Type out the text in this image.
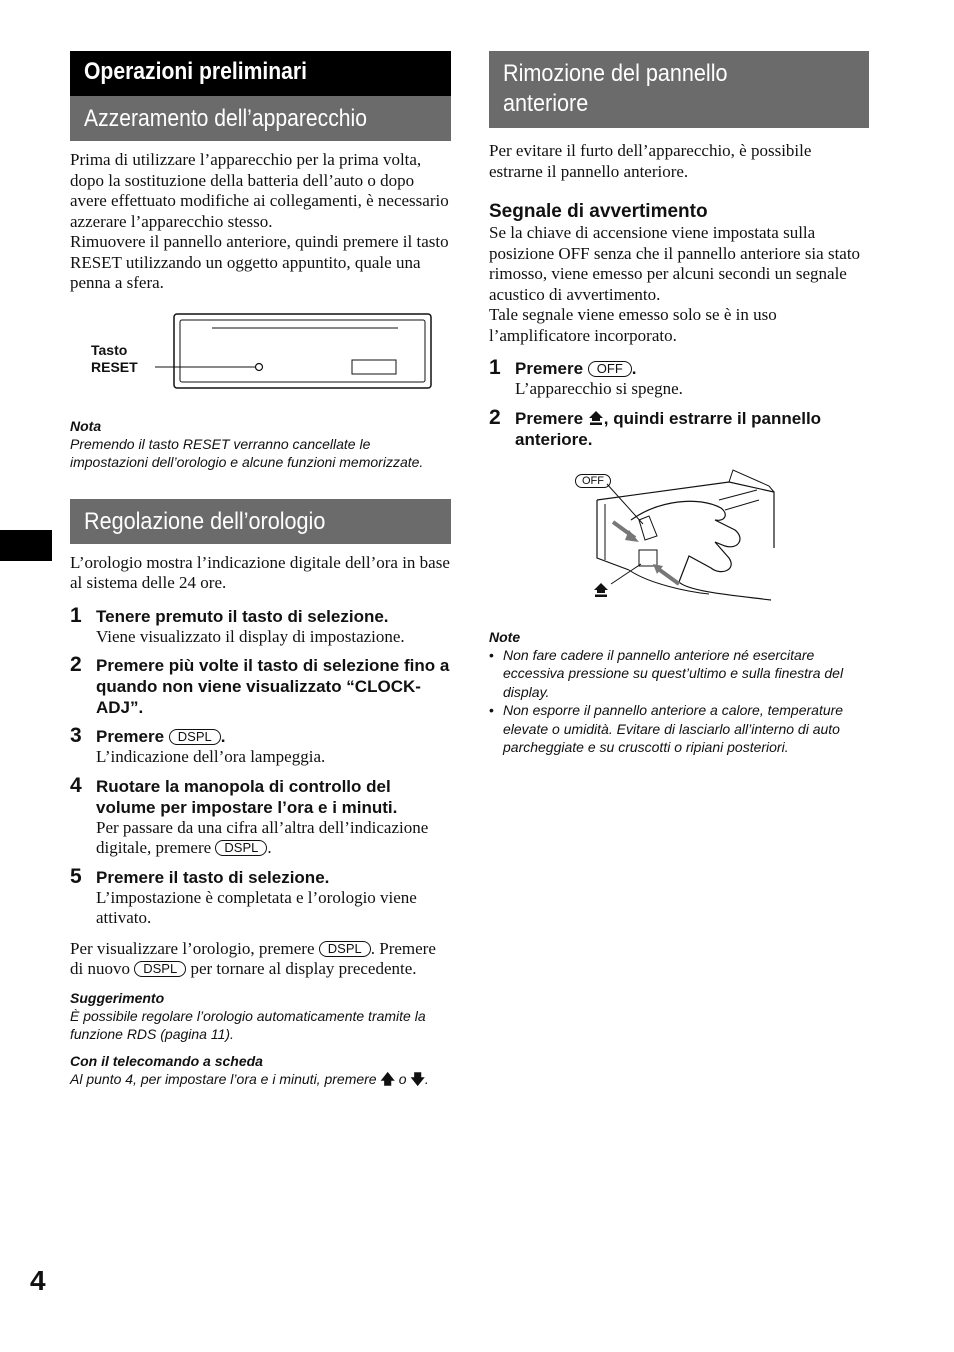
Operazioni preliminari
Azzeramento dell’apparecchio

Prima di utilizzare l’apparecchio per la prima volta, dopo la sostituzione della batteria dell’auto o dopo avere effettuato modifiche ai collegamenti, è necessario azzerare l’apparecchio stesso.

Rimuovere il pannello anteriore, quindi premere il tasto RESET utilizzando un oggetto appuntito, quale una penna a sfera.

Tasto
RESET
Nota
Premendo il tasto RESET verranno cancellate le impostazioni dell’orologio e alcune funzioni memorizzate.
Regolazione dell’orologio

L’orologio mostra l’indicazione digitale dell’ora in base al sistema delle 24 ore.

1 Tenere premuto il tasto di selezione.
Viene visualizzato il display di impostazione.
2 Premere più volte il tasto di selezione fino a quando non viene visualizzato “CLOCK-ADJ”.
3 Premere DSPL .
L’indicazione dell’ora lampeggia.
4 Ruotare la manopola di controllo del volume per impostare l’ora e i minuti.
Per passare da una cifra all’altra dell’indicazione digitale, premere DSPL .
5 Premere il tasto di selezione.
L’impostazione è completata e l’orologio viene attivato.

Per visualizzare l’orologio, premere DSPL . Premere di nuovo DSPL per tornare al display precedente.

Suggerimento
È possibile regolare l’orologio automaticamente tramite la funzione RDS (pagina 11).
Con il telecomando a scheda
Al punto 4, per impostare l’ora e i minuti, premere 🡅 o 🡇.
Rimozione del pannello
anteriore

Per evitare il furto dell’apparecchio, è possibile estrarne il pannello anteriore.

Segnale di avvertimento

Se la chiave di accensione viene impostata sulla posizione OFF senza che il pannello anteriore sia stato rimosso, viene emesso per alcuni secondi un segnale acustico di avvertimento.

Tale segnale viene emesso solo se è in uso l’amplificatore incorporato.

1 Premere OFF .
L’apparecchio si spegne.
2 Premere , quindi estrarre il pannello anteriore.
OFF
Note
• Non fare cadere il pannello anteriore né esercitare eccessiva pressione su quest’ultimo e sulla finestra del display.
• Non esporre il pannello anteriore a calore, temperature elevate o umidità. Evitare di lasciarlo all’interno di auto parcheggiate e su cruscotti o ripiani posteriori.
4
